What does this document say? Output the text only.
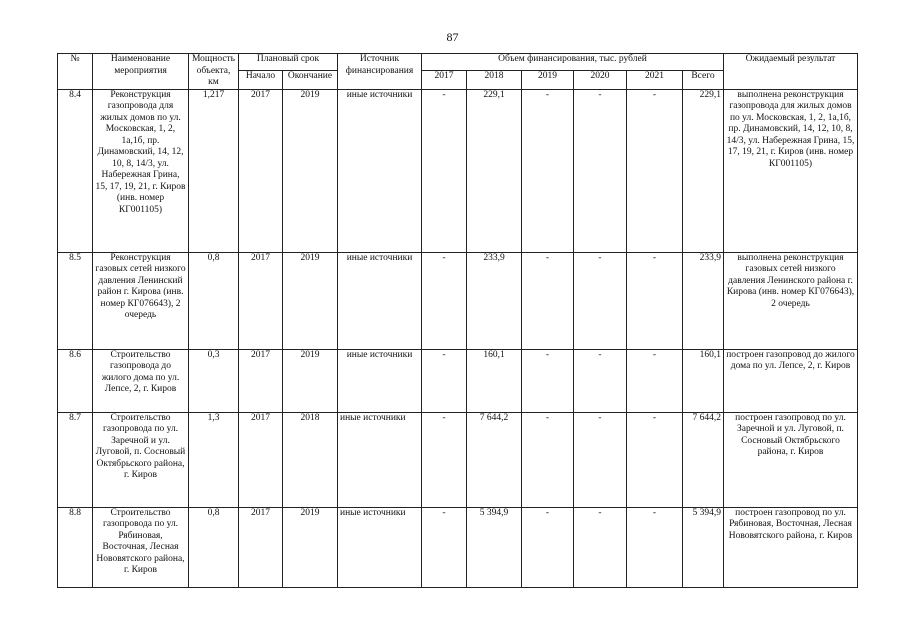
87
№	Наименование мероприятия	Мощность объекта, км	Плановый срок		Источник финансирования	Объем финансирования, тыс. рублей						Ожидаемый результат
			Начало	Окончание		2017	2018	2019	2020	2021	Всего	
8.4	Реконструкция газопровода для жилых домов по ул. Московская, 1, 2, 1а,1б, пр. Динамовский, 14, 12, 10, 8, 14/3, ул. Набережная Грина, 15, 17, 19, 21, г. Киров (инв. номер КГ001105)	1,217	2017	2019	иные источники	-	229,1	-	-	-	229,1	выполнена реконструкция газопровода для жилых домов по ул. Московская, 1, 2, 1а,1б, пр. Динамовский, 14, 12, 10, 8, 14/3, ул. Набережная Грина, 15, 17, 19, 21, г. Киров (инв. номер КГ001105)
8.5	Реконструкция газовых сетей низкого давления Ленинский район г. Кирова (инв. номер КГ076643), 2 очередь	0,8	2017	2019	иные источники	-	233,9	-	-	-	233,9	выполнена реконструкция газовых сетей низкого давления Ленинского района г. Кирова (инв. номер КГ076643), 2 очередь
8.6	Строительство газопровода до жилого дома по ул. Лепсе, 2, г. Киров	0,3	2017	2019	иные источники	-	160,1	-	-	-	160,1	построен газопровод до жилого дома по ул. Лепсе, 2, г. Киров
8.7	Строительство газопровода по ул. Заречной и ул. Луговой, п. Сосновый Октябрьского района, г. Киров	1,3	2017	2018	иные источники	-	7 644,2	-	-	-	7 644,2	построен газопровод по ул. Заречной и ул. Луговой, п. Сосновый Октябрьского района, г. Киров
8.8	Строительство газопровода по ул. Рябиновая, Восточная, Лесная Нововятского района, г. Киров	0,8	2017	2019	иные источники	-	5 394,9	-	-	-	5 394,9	построен газопровод по ул. Рябиновая, Восточная, Лесная Нововятского района, г. Киров
